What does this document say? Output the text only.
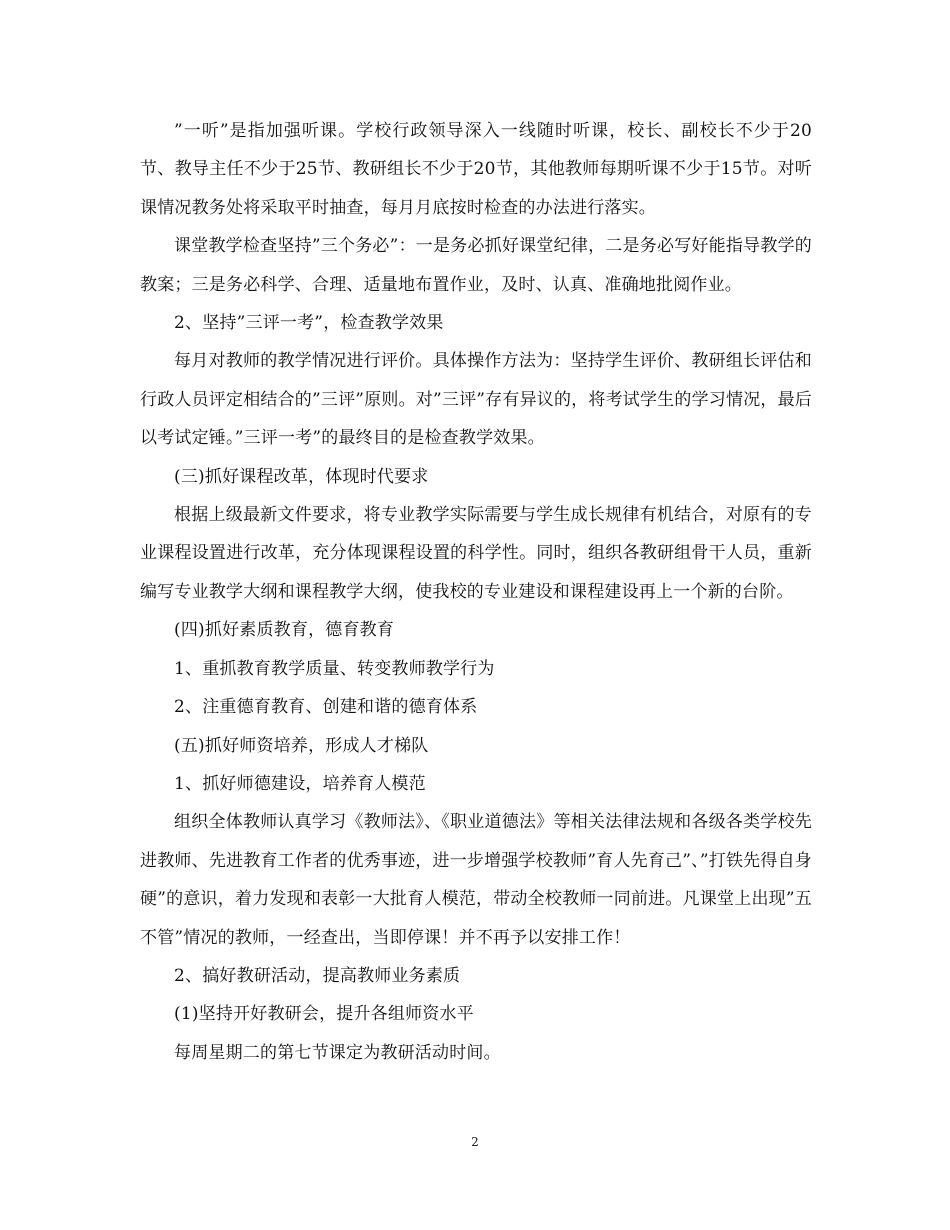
”一听”是指加强听课。学校行政领导深入一线随时听课，校长、副校长不少于20节、教导主任不少于25节、教研组长不少于20节，其他教师每期听课不少于15节。对听课情况教务处将采取平时抽查，每月月底按时检查的办法进行落实。

课堂教学检查坚持”三个务必”：一是务必抓好课堂纪律，二是务必写好能指导教学的教案；三是务必科学、合理、适量地布置作业，及时、认真、准确地批阅作业。

2、坚持”三评一考”，检查教学效果

每月对教师的教学情况进行评价。具体操作方法为：坚持学生评价、教研组长评估和行政人员评定相结合的”三评”原则。对”三评”存有异议的，将考试学生的学习情况，最后以考试定锤。”三评一考”的最终目的是检查教学效果。

(三)抓好课程改革，体现时代要求

根据上级最新文件要求，将专业教学实际需要与学生成长规律有机结合，对原有的专业课程设置进行改革，充分体现课程设置的科学性。同时，组织各教研组骨干人员，重新编写专业教学大纲和课程教学大纲，使我校的专业建设和课程建设再上一个新的台阶。

(四)抓好素质教育，德育教育

1、重抓教育教学质量、转变教师教学行为

2、注重德育教育、创建和谐的德育体系

(五)抓好师资培养，形成人才梯队

1、抓好师德建设，培养育人模范

组织全体教师认真学习《教师法》、《职业道德法》等相关法律法规和各级各类学校先进教师、先进教育工作者的优秀事迹，进一步增强学校教师”育人先育己”、”打铁先得自身硬”的意识，着力发现和表彰一大批育人模范，带动全校教师一同前进。凡课堂上出现”五不管”情况的教师，一经查出，当即停课！并不再予以安排工作！

2、搞好教研活动，提高教师业务素质

(1)坚持开好教研会，提升各组师资水平

每周星期二的第七节课定为教研活动时间。

2
